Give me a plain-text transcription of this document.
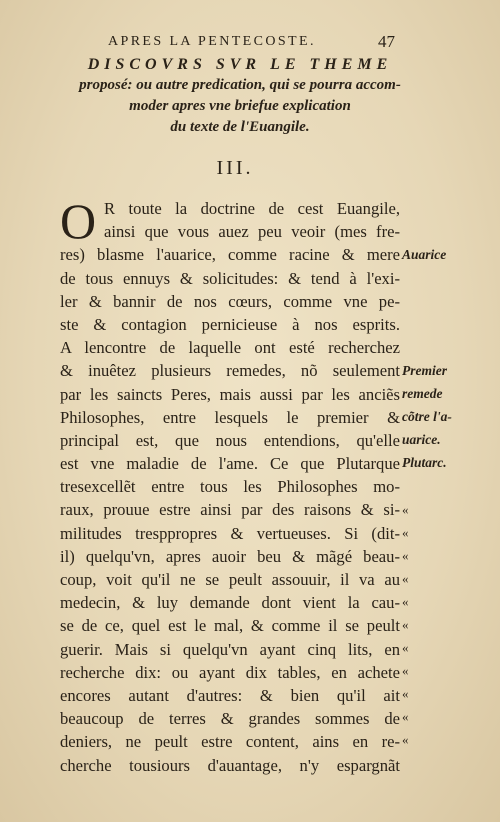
APRES LA PENTECOSTE.	47
DISCOVRS SVR LE THEME
proposé: ou autre predication, qui se pourra accom-
moder apres vne briefue explication
du texte de l'Euangile.
III.
O R toute la doctrine de cest Euangile,
ainsi que vous auez peu veoir (mes fre-
res) blasme l'auarice, comme racine & mere
de tous ennuys & solicitudes: & tend à l'exi-
ler & bannir de nos cœurs, comme vne pe-
ste & contagion pernicieuse à nos esprits.
A lencontre de laquelle ont esté recherchez
& inuêtez plusieurs remedes, nõ seulement
par les saincts Peres, mais aussi par les anciẽs
Philosophes, entre lesquels le premier &
principal est, que nous entendions, qu'elle
est vne maladie de l'ame. Ce que Plutarque
tresexcellẽt entre tous les Philosophes mo-
raux, prouue estre ainsi par des raisons & si-
militudes tresppropres & vertueuses. Si (dit-
il) quelqu'vn, apres auoir beu & mãgé beau-
coup, voit qu'il ne se peult assouuir, il va au
medecin, & luy demande dont vient la cau-
se de ce, quel est le mal, & comme il se peult
guerir. Mais si quelqu'vn ayant cinq lits, en
recherche dix: ou ayant dix tables, en achete
encores autant d'autres: & bien qu'il ait
beaucoup de terres & grandes sommes de
deniers, ne peult estre content, ains en re-
cherche tousiours d'auantage, n'y espargnãt
Auarice
Premier
remede
cõtre l'a-
uarice.
Plutarc.
«
«
«
«
«
«
«
«
«
«
«
